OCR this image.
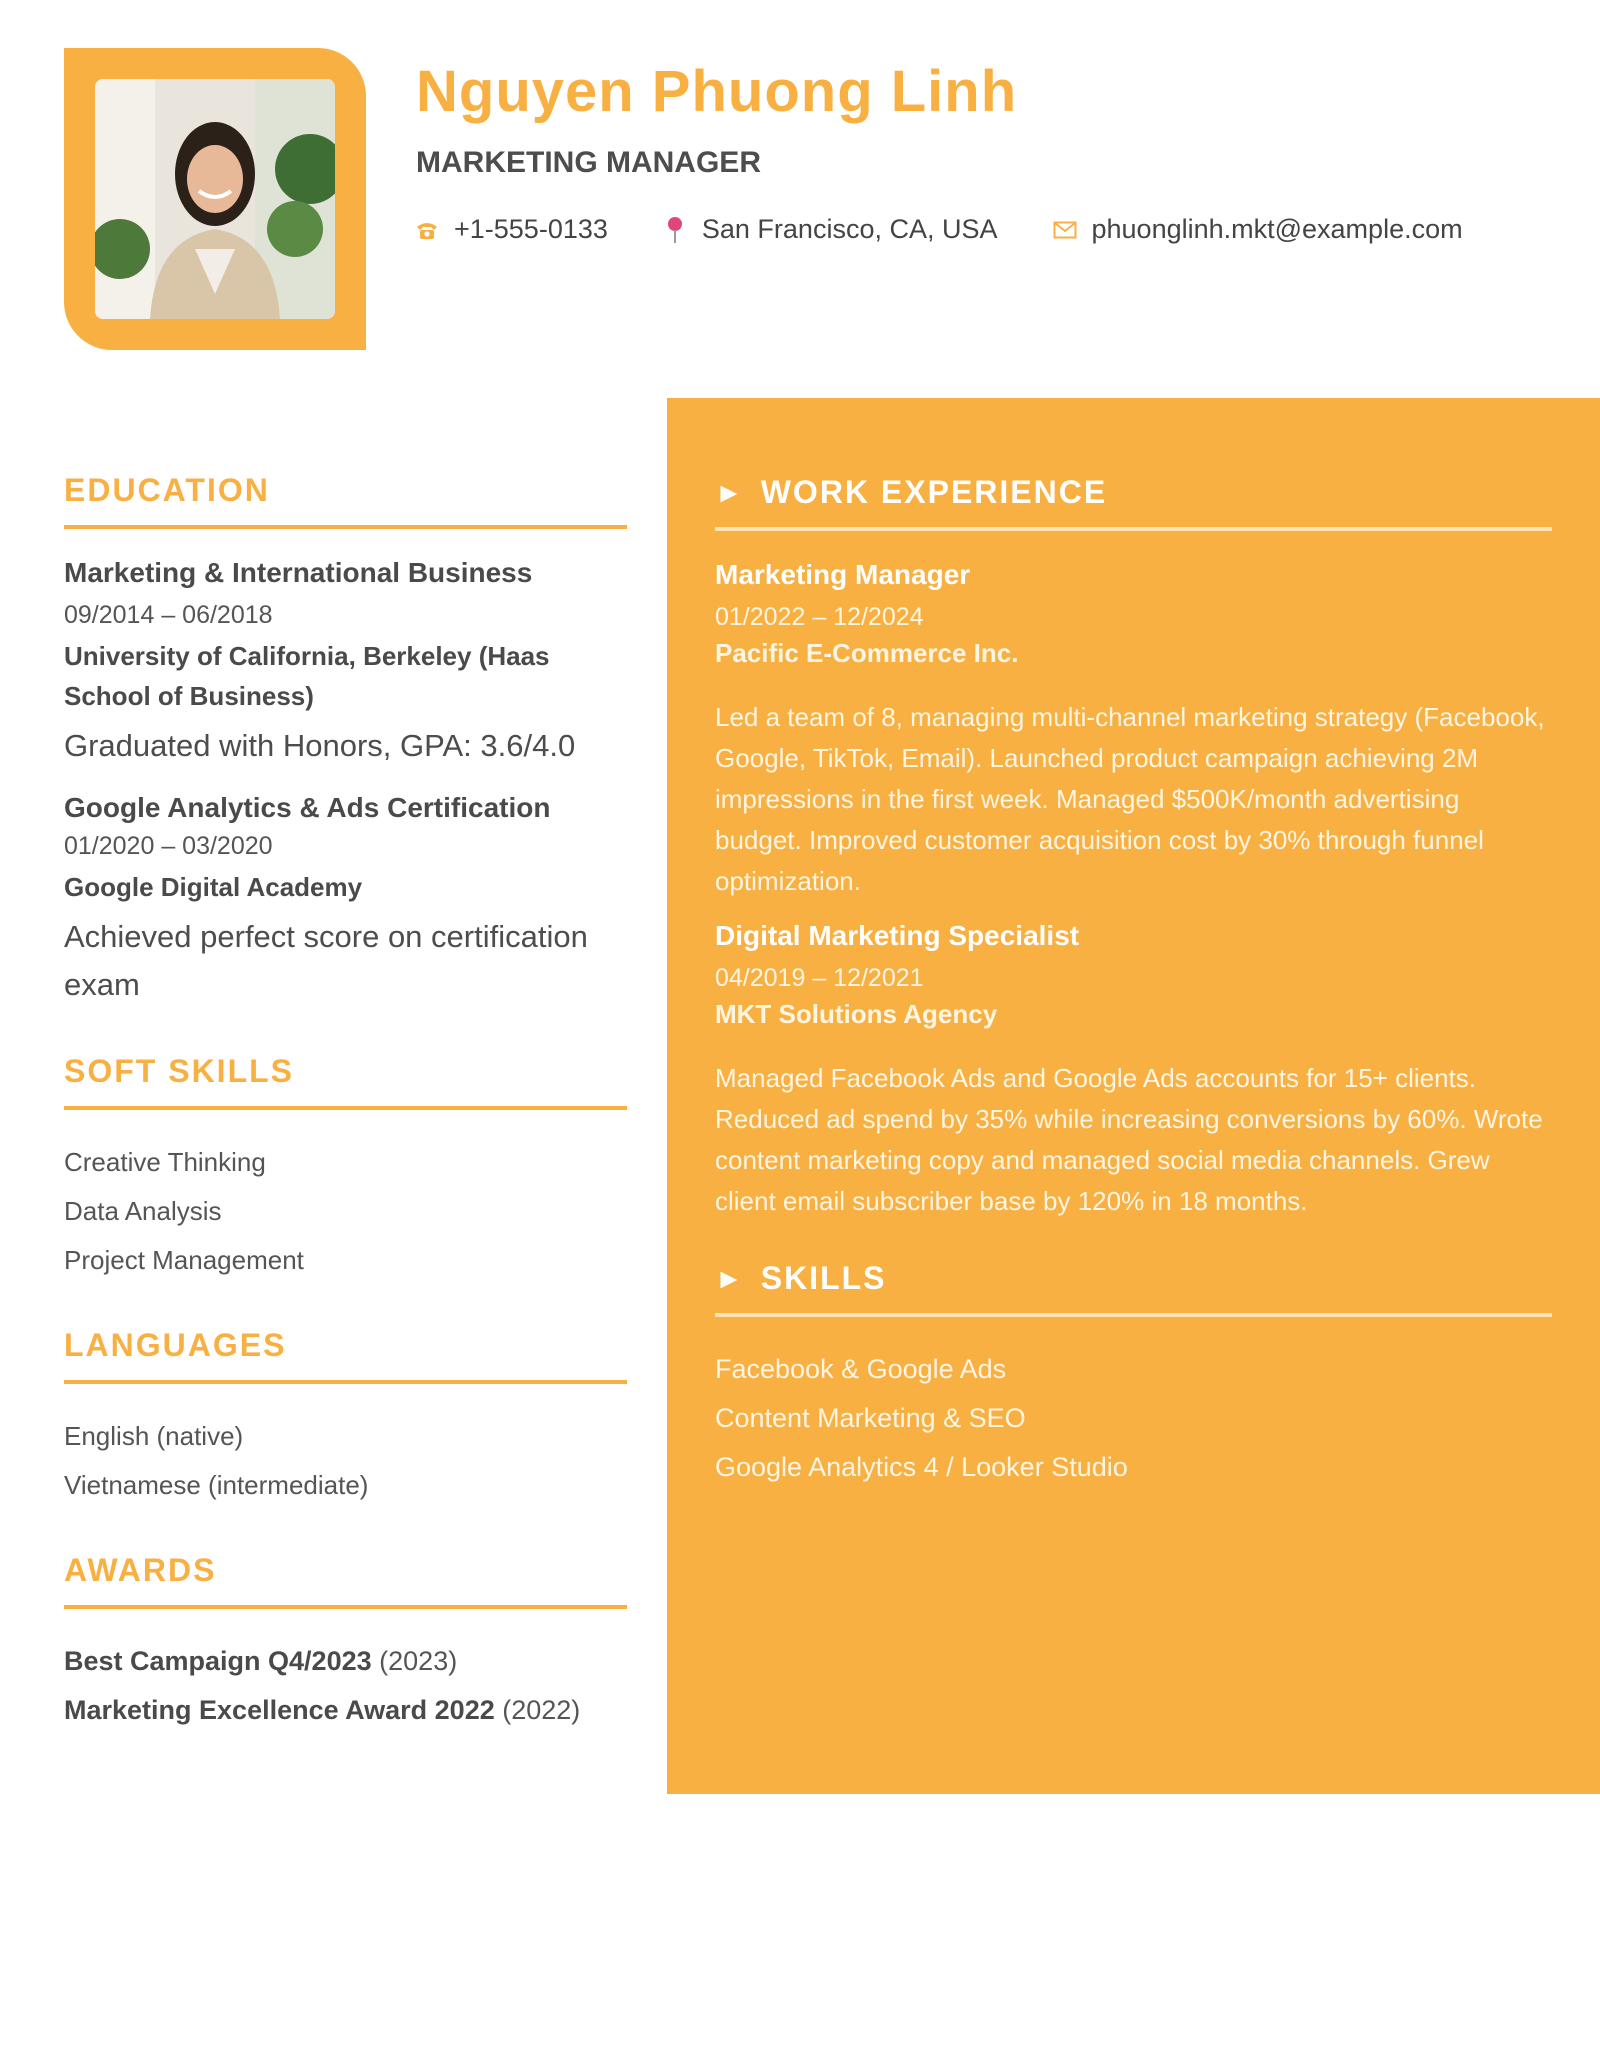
Nguyen Phuong Linh
MARKETING MANAGER
+1-555-0133	San Francisco, CA, USA	phuonglinh.mkt@example.com
EDUCATION
Marketing & International Business
09/2014 – 06/2018
University of California, Berkeley (Haas School of Business)
Graduated with Honors, GPA: 3.6/4.0
Google Analytics & Ads Certification
01/2020 – 03/2020
Google Digital Academy
Achieved perfect score on certification exam
SOFT SKILLS
Creative Thinking
Data Analysis
Project Management
LANGUAGES
English (native)
Vietnamese (intermediate)
AWARDS
Best Campaign Q4/2023 (2023)
Marketing Excellence Award 2022 (2022)
► WORK EXPERIENCE
Marketing Manager
01/2022 – 12/2024
Pacific E-Commerce Inc.
Led a team of 8, managing multi-channel marketing strategy (Facebook, Google, TikTok, Email). Launched product campaign achieving 2M impressions in the first week. Managed $500K/month advertising budget. Improved customer acquisition cost by 30% through funnel optimization.
Digital Marketing Specialist
04/2019 – 12/2021
MKT Solutions Agency
Managed Facebook Ads and Google Ads accounts for 15+ clients. Reduced ad spend by 35% while increasing conversions by 60%. Wrote content marketing copy and managed social media channels. Grew client email subscriber base by 120% in 18 months.
► SKILLS
Facebook & Google Ads
Content Marketing & SEO
Google Analytics 4 / Looker Studio
